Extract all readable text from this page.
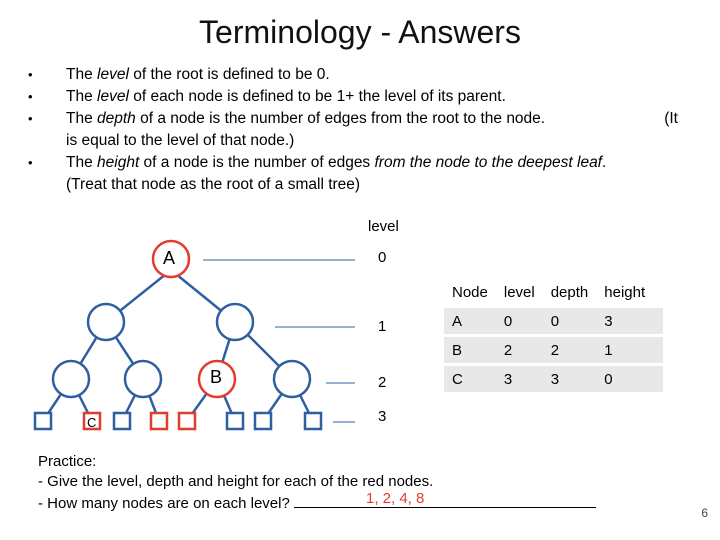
Terminology - Answers
• The level of the root is defined to be 0.
• The level of each node is defined to be 1+ the level of its parent.
• The depth of a node is the number of edges from the root to the node.	(It
is equal to the level of that node.)
• The height of a node is the number of edges from the node to the deepest leaf.
(Treat that node as the root of a small tree)
A
B
C
level
0
1
2
3
Node	level	depth	height
A	0	0	3
B	2	2	1
C	3	3	0
Practice:
- Give the level, depth and height for each of the red nodes.
- How many nodes are on each level?	1, 2, 4, 8
6
